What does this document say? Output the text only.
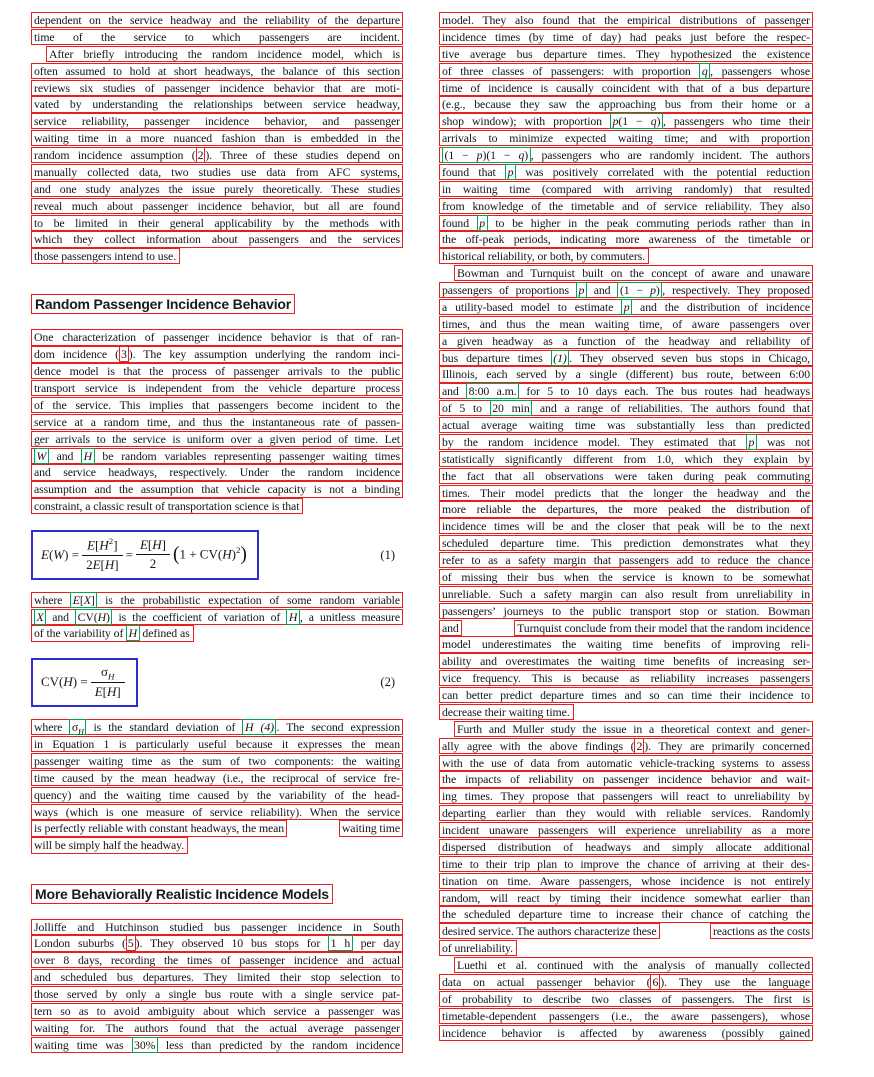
dependent on the service headway and the reliability of the departure
time of the service to which passengers are incident.
After briefly introducing the random incidence model, which is
often assumed to hold at short headways, the balance of this section
reviews six studies of passenger incidence behavior that are moti-
vated by understanding the relationships between service headway,
service reliability, passenger incidence behavior, and passenger
waiting time in a more nuanced fashion than is embedded in the
random incidence assumption ( 2 ). Three of these studies depend on
manually collected data, two studies use data from AFC systems,
and one study analyzes the issue purely theoretically. These studies
reveal much about passenger incidence behavior, but all are found
to be limited in their general applicability by the methods with
which they collect information about passengers and the services
those passengers intend to use.
Random Passenger Incidence Behavior
One characterization of passenger incidence behavior is that of ran-
dom incidence ( 3 ). The key assumption underlying the random inci-
dence model is that the process of passenger arrivals to the public
transport service is independent from the vehicle departure process
of the service. This implies that passengers become incident to the
service at a random time, and thus the instantaneous rate of passen-
ger arrivals to the service is uniform over a given period of time. Let
W and H be random variables representing passenger waiting times
and service headways, respectively. Under the random incidence
assumption and the assumption that vehicle capacity is not a binding
constraint, a classic result of transportation science is that
$E(W) = \frac{E[H^2]}{2E[H]} = \frac{E[H]}{2} (1 + CV(H)^2)$	(1)
where E[X] is the probabilistic expectation of some random variable
X and CV(H) is the coefficient of variation of H , a unitless measure
of the variability of H defined as
$CV(H) = \frac{\sigma_H}{E[H]}$	(2)
where $\sigma_H$ is the standard deviation of H (4) . The second expression
in Equation 1 is particularly useful because it expresses the mean
passenger waiting time as the sum of two components: the waiting
time caused by the mean headway (i.e., the reciprocal of service fre-
quency) and the waiting time caused by the variability of the head-
ways (which is one measure of service reliability). When the service
is perfectly reliable with constant headways, the mean	waiting time
will be simply half the headway.
More Behaviorally Realistic Incidence Models
Jolliffe and Hutchinson studied bus passenger incidence in South
London suburbs ( 5 ). They observed 10 bus stops for 1 h per day
over 8 days, recording the times of passenger incidence and actual
and scheduled bus departures. They limited their stop selection to
those served by only a single bus route with a single service pat-
tern so as to avoid ambiguity about which service a passenger was
waiting for. The authors found that the actual average passenger
waiting time was 30% less than predicted by the random incidence
model. They also found that the empirical distributions of passenger
incidence times (by time of day) had peaks just before the respec-
tive average bus departure times. They hypothesized the existence
of three classes of passengers: with proportion q , passengers whose
time of incidence is causally coincident with that of a bus departure
(e.g., because they saw the approaching bus from their home or a
shop window); with proportion p(1 − q) , passengers who time their
arrivals to minimize expected waiting time; and with proportion
(1 − p)(1 − q) , passengers who are randomly incident. The authors
found that p was positively correlated with the potential reduction
in waiting time (compared with arriving randomly) that resulted
from knowledge of the timetable and of service reliability. They also
found p to be higher in the peak commuting periods rather than in
the off-peak periods, indicating more awareness of the timetable or
historical reliability, or both, by commuters.
Bowman and Turnquist built on the concept of aware and unaware
passengers of proportions p and (1 − p) , respectively. They proposed
a utility-based model to estimate p and the distribution of incidence
times, and thus the mean waiting time, of aware passengers over
a given headway as a function of the headway and reliability of
bus departure times (1) . They observed seven bus stops in Chicago,
Illinois, each served by a single (different) bus route, between 6:00
and 8:00 a.m. for 5 to 10 days each. The bus routes had headways
of 5 to 20 min and a range of reliabilities. The authors found that
actual average waiting time was substantially less than predicted
by the random incidence model. They estimated that p was not
statistically significantly different from 1.0, which they explain by
the fact that all observations were taken during peak commuting
times. Their model predicts that the longer the headway and the
more reliable the departures, the more peaked the distribution of
incidence times will be and the closer that peak will be to the next
scheduled departure time. This prediction demonstrates what they
refer to as a safety margin that passengers add to reduce the chance
of missing their bus when the service is known to be somewhat
unreliable. Such a safety margin can also result from unreliability in
passengers’ journeys to the public transport stop or station. Bowman
and	Turnquist conclude from their model that the random incidence
model underestimates the waiting time benefits of improving reli-
ability and overestimates the waiting time benefits of increasing ser-
vice frequency. This is because as reliability increases passengers
can better predict departure times and so can time their incidence to
decrease their waiting time.
Furth and Muller study the issue in a theoretical context and gener-
ally agree with the above findings ( 2 ). They are primarily concerned
with the use of data from automatic vehicle-tracking systems to assess
the impacts of reliability on passenger incidence behavior and wait-
ing times. They propose that passengers will react to unreliability by
departing earlier than they would with reliable services. Randomly
incident unaware passengers will experience unreliability as a more
dispersed distribution of headways and simply allocate additional
time to their trip plan to improve the chance of arriving at their des-
tination on time. Aware passengers, whose incidence is not entirely
random, will react by timing their incidence somewhat earlier than
the scheduled departure time to increase their chance of catching the
desired service. The authors characterize these	reactions as the costs
of unreliability.
Luethi et al. continued with the analysis of manually collected
data on actual passenger behavior ( 6 ). They use the language
of probability to describe two classes of passengers. The first is
timetable-dependent passengers (i.e., the aware passengers), whose
incidence behavior is affected by awareness (possibly gained
